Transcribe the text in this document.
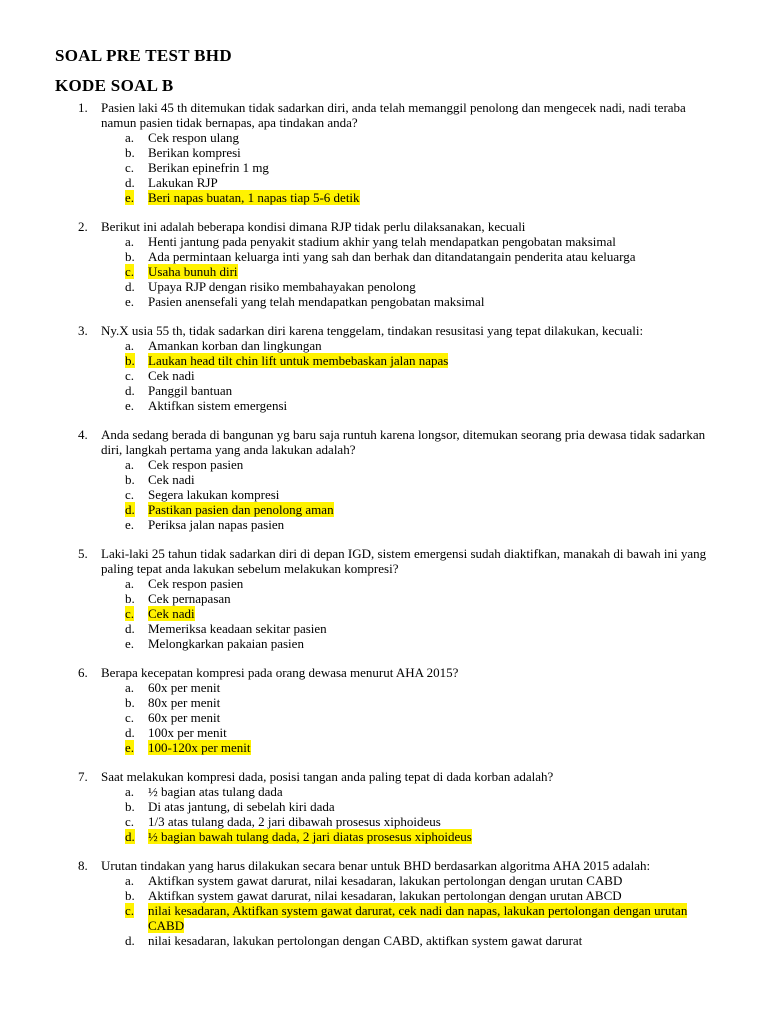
SOAL PRE TEST BHD
KODE SOAL B
1. Pasien laki 45 th ditemukan tidak sadarkan diri, anda telah memanggil penolong dan mengecek nadi, nadi teraba namun pasien tidak bernapas, apa tindakan anda?
a. Cek respon ulang
b. Berikan kompresi
c. Berikan epinefrin 1 mg
d. Lakukan RJP
e. Beri napas buatan, 1 napas tiap 5-6 detik
2. Berikut ini adalah beberapa kondisi dimana RJP tidak perlu dilaksanakan, kecuali
a. Henti jantung pada penyakit stadium akhir yang telah mendapatkan pengobatan maksimal
b. Ada permintaan keluarga inti yang sah dan berhak dan ditandatangain penderita atau keluarga
c. Usaha bunuh diri
d. Upaya RJP dengan risiko membahayakan penolong
e. Pasien anensefali yang telah mendapatkan pengobatan maksimal
3. Ny.X usia 55 th, tidak sadarkan diri karena tenggelam, tindakan resusitasi yang tepat dilakukan, kecuali:
a. Amankan korban dan lingkungan
b. Laukan head tilt chin lift untuk membebaskan jalan napas
c. Cek nadi
d. Panggil bantuan
e. Aktifkan sistem emergensi
4. Anda sedang berada di bangunan yg baru saja runtuh karena longsor, ditemukan seorang pria dewasa tidak sadarkan diri, langkah pertama yang anda lakukan adalah?
a. Cek respon pasien
b. Cek nadi
c. Segera lakukan kompresi
d. Pastikan pasien dan penolong aman
e. Periksa jalan napas pasien
5. Laki-laki 25 tahun tidak sadarkan diri di depan IGD, sistem emergensi sudah diaktifkan, manakah di bawah ini yang paling tepat anda lakukan sebelum melakukan kompresi?
a. Cek respon pasien
b. Cek pernapasan
c. Cek nadi
d. Memeriksa keadaan sekitar pasien
e. Melongkarkan pakaian pasien
6. Berapa kecepatan kompresi pada orang dewasa menurut AHA 2015?
a. 60x per menit
b. 80x per menit
c. 60x per menit
d. 100x per menit
e. 100-120x per menit
7. Saat melakukan kompresi dada, posisi tangan anda paling tepat di dada korban adalah?
a. ½ bagian atas tulang dada
b. Di atas jantung, di sebelah kiri dada
c. 1/3 atas tulang dada, 2 jari dibawah prosesus xiphoideus
d. ½ bagian bawah tulang dada, 2 jari diatas prosesus xiphoideus
8. Urutan tindakan yang harus dilakukan secara benar untuk BHD berdasarkan algoritma AHA 2015 adalah:
a. Aktifkan system gawat darurat, nilai kesadaran, lakukan pertolongan dengan urutan CABD
b. Aktifkan system gawat darurat, nilai kesadaran, lakukan pertolongan dengan urutan ABCD
c. nilai kesadaran, Aktifkan system gawat darurat, cek nadi dan napas, lakukan pertolongan dengan urutan CABD
d. nilai kesadaran, lakukan pertolongan dengan CABD, aktifkan system gawat darurat
